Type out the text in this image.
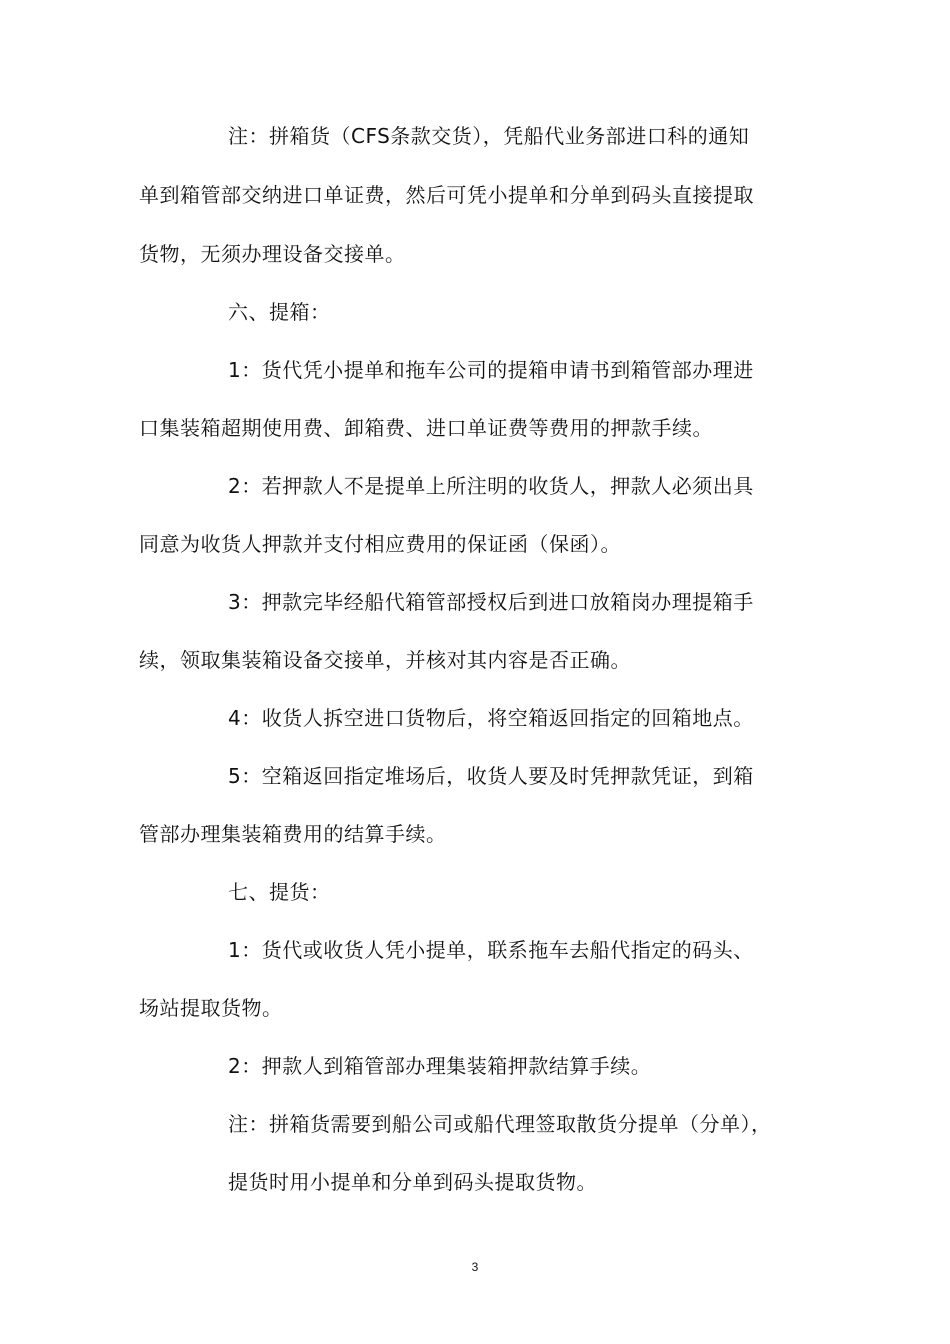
注：拼箱货（CFS条款交货），凭船代业务部进口科的通知
单到箱管部交纳进口单证费，然后可凭小提单和分单到码头直接提取
货物，无须办理设备交接单。
六、提箱：
1：货代凭小提单和拖车公司的提箱申请书到箱管部办理进
口集装箱超期使用费、卸箱费、进口单证费等费用的押款手续。
2：若押款人不是提单上所注明的收货人，押款人必须出具
同意为收货人押款并支付相应费用的保证函（保函）。
3：押款完毕经船代箱管部授权后到进口放箱岗办理提箱手
续，领取集装箱设备交接单，并核对其内容是否正确。
4：收货人拆空进口货物后，将空箱返回指定的回箱地点。
5：空箱返回指定堆场后，收货人要及时凭押款凭证，到箱
管部办理集装箱费用的结算手续。
七、提货：
1：货代或收货人凭小提单，联系拖车去船代指定的码头、
场站提取货物。
2：押款人到箱管部办理集装箱押款结算手续。
注：拼箱货需要到船公司或船代理签取散货分提单（分单），
提货时用小提单和分单到码头提取货物。
3
